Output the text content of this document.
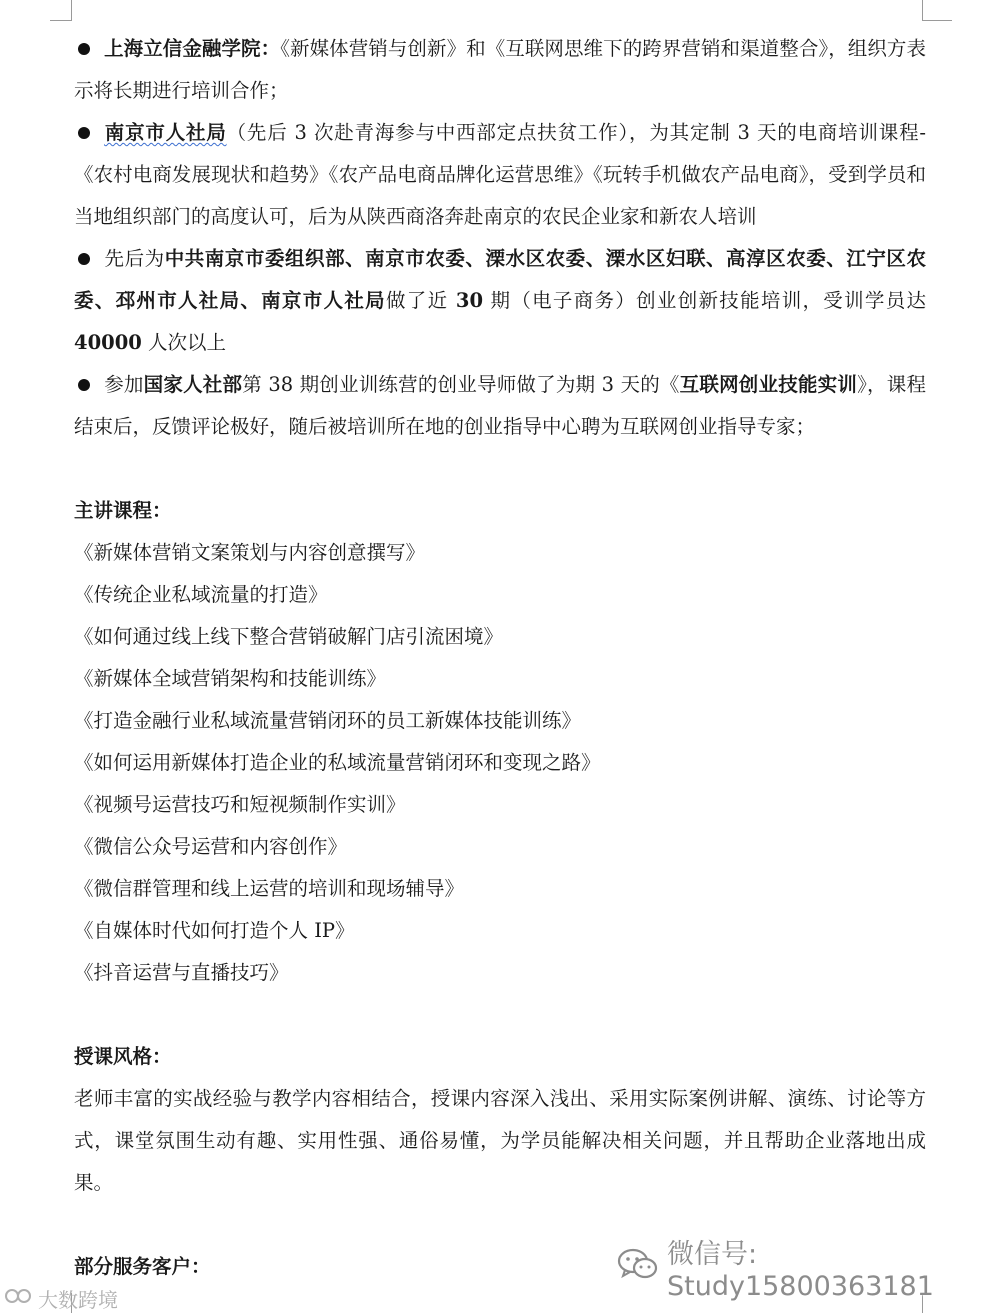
上海立信金融学院：《新媒体营销与创新》和《互联网思维下的跨界营销和渠道整合》，组织方表示将长期进行培训合作；

南京市人社局（先后 3 次赴青海参与中西部定点扶贫工作），为其定制 3 天的电商培训课程-《农村电商发展现状和趋势》《农产品电商品牌化运营思维》《玩转手机做农产品电商》，受到学员和当地组织部门的高度认可，后为从陕西商洛奔赴南京的农民企业家和新农人培训

先后为中共南京市委组织部、南京市农委、溧水区农委、溧水区妇联、高淳区农委、江宁区农委、邳州市人社局、南京市人社局做了近 30 期（电子商务）创业创新技能培训，受训学员达 40000 人次以上

参加国家人社部第 38 期创业训练营的创业导师做了为期 3 天的《互联网创业技能实训》，课程结束后，反馈评论极好，随后被培训所在地的创业指导中心聘为互联网创业指导专家；

主讲课程：

《新媒体营销文案策划与内容创意撰写》

《传统企业私域流量的打造》

《如何通过线上线下整合营销破解门店引流困境》

《新媒体全域营销架构和技能训练》

《打造金融行业私域流量营销闭环的员工新媒体技能训练》

《如何运用新媒体打造企业的私域流量营销闭环和变现之路》

《视频号运营技巧和短视频制作实训》

《微信公众号运营和内容创作》

《微信群管理和线上运营的培训和现场辅导》

《自媒体时代如何打造个人 IP》

《抖音运营与直播技巧》

授课风格：

老师丰富的实战经验与教学内容相结合，授课内容深入浅出、采用实际案例讲解、演练、讨论等方式，课堂氛围生动有趣、实用性强、通俗易懂，为学员能解决相关问题，并且帮助企业落地出成果。

部分服务客户：	微信号: Study15800363181
大数跨境
